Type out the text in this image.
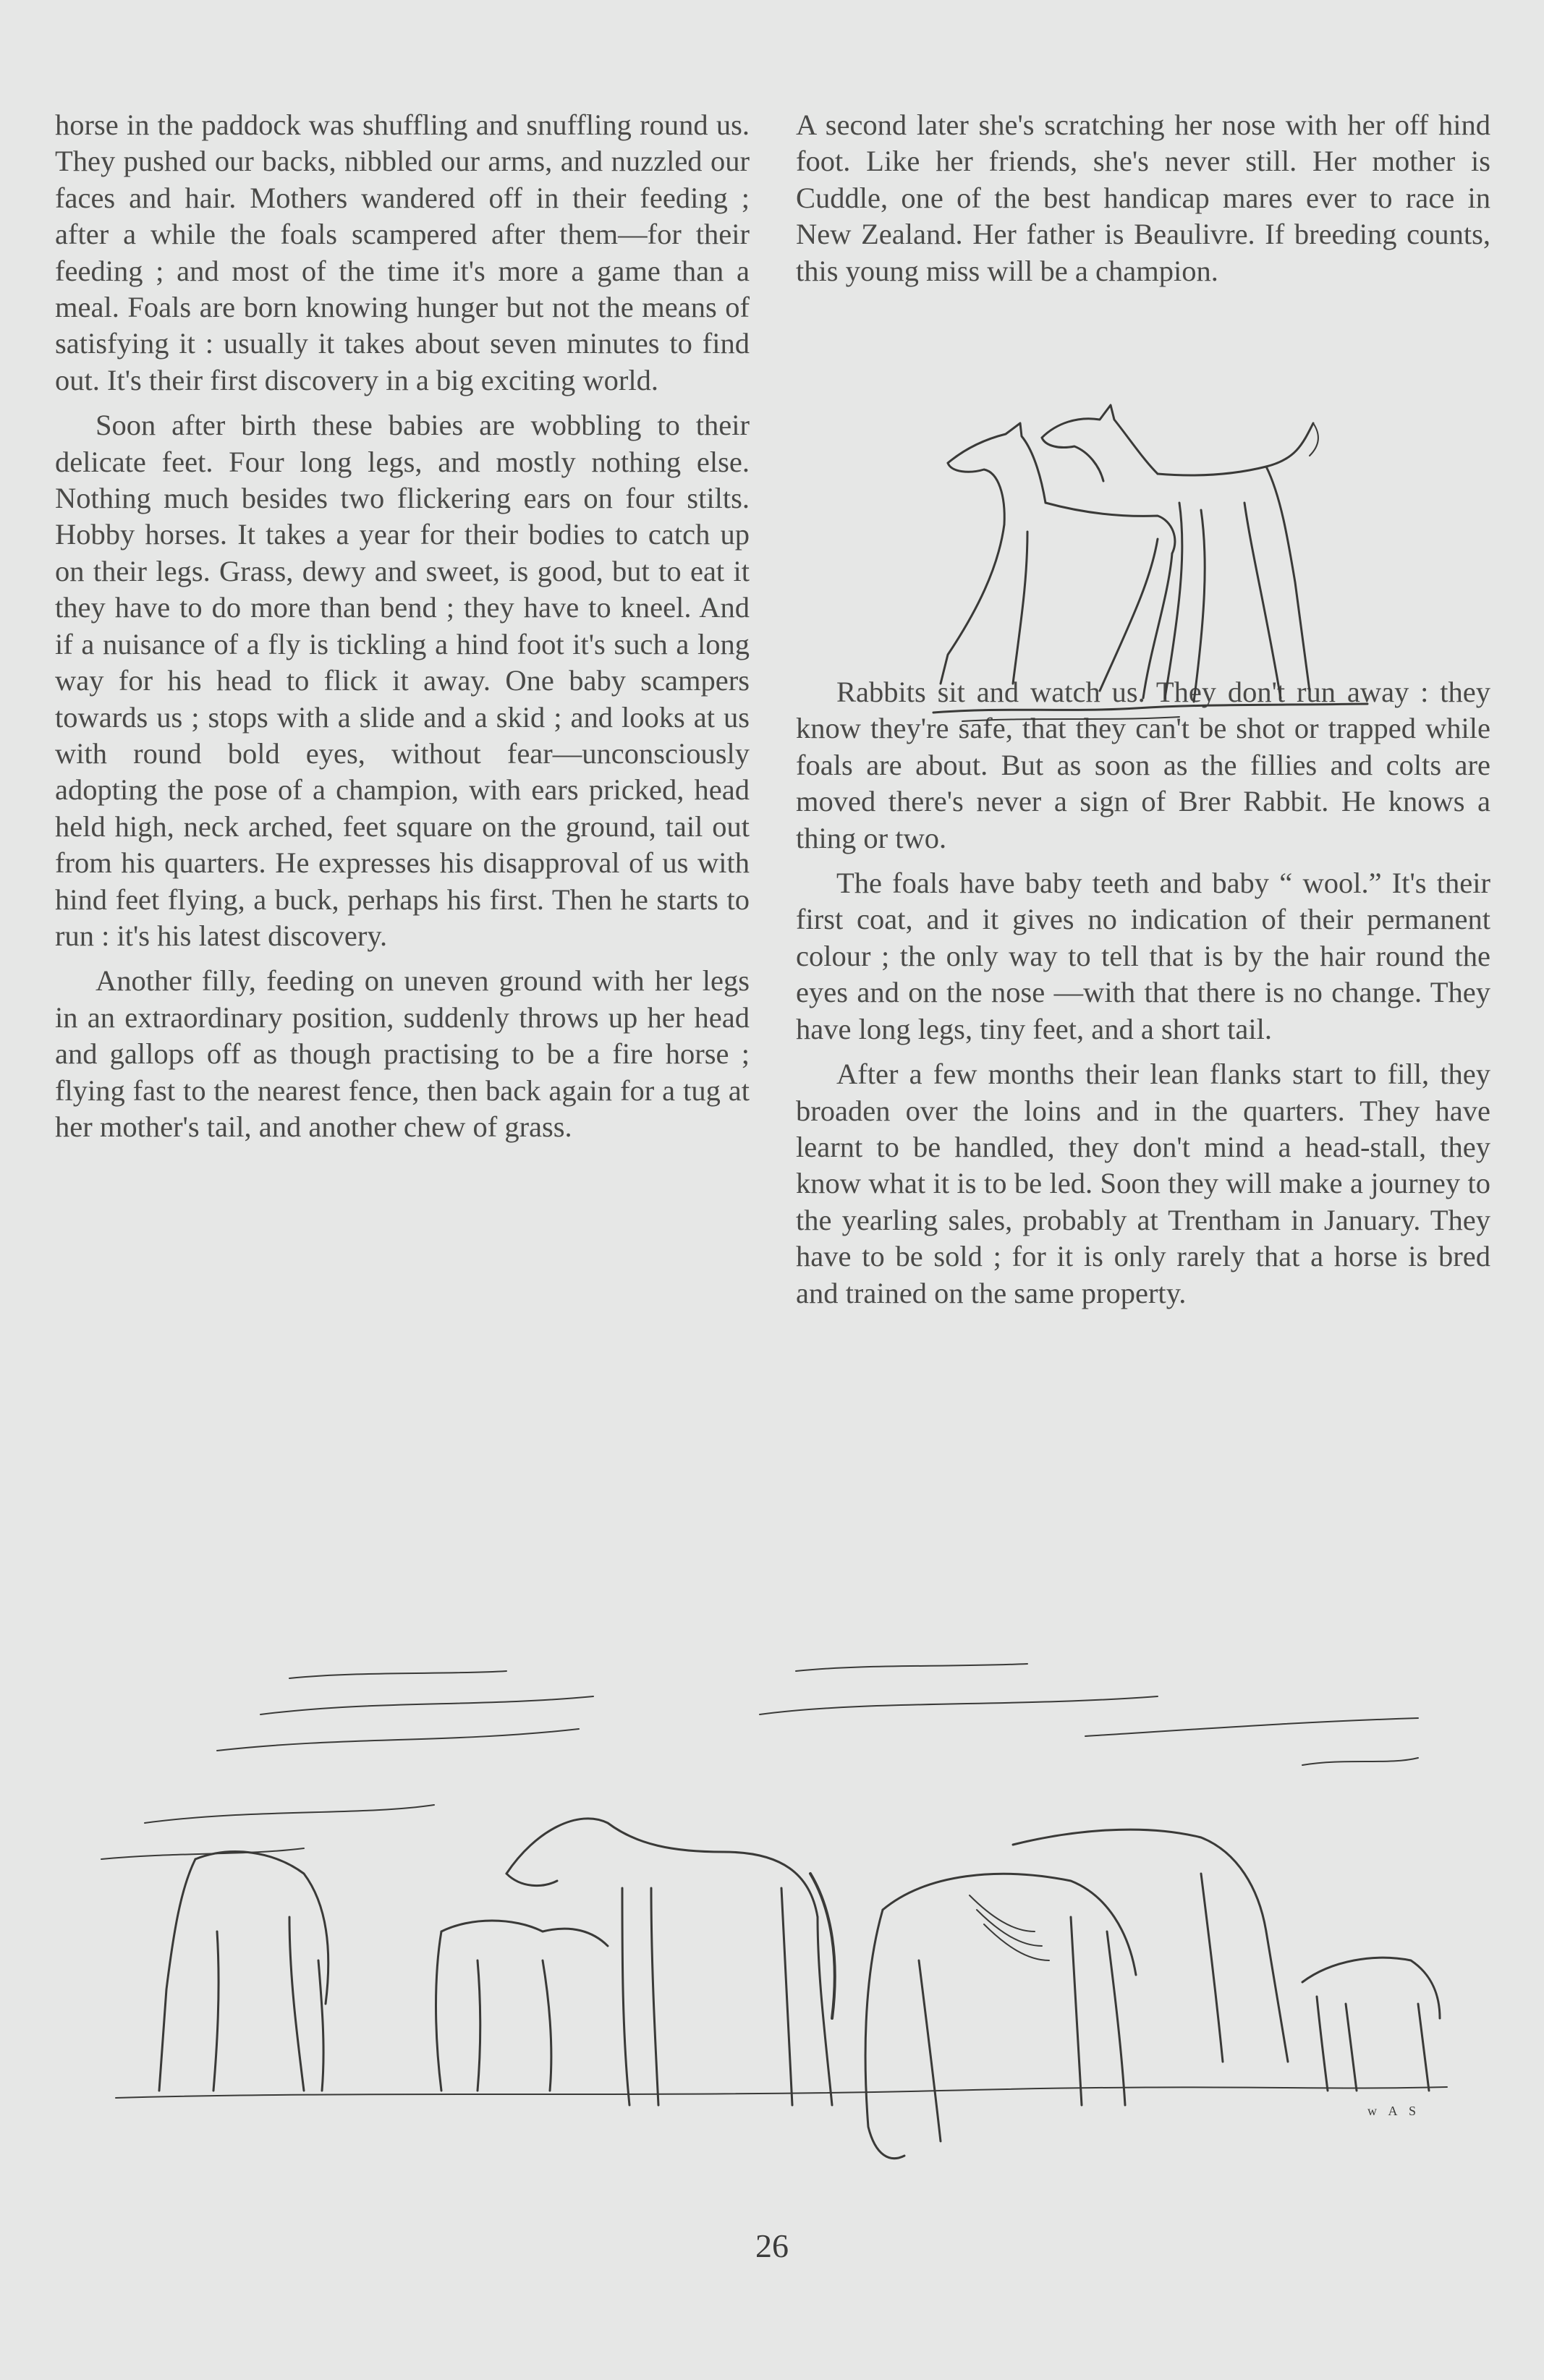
horse in the paddock was shuffling and snuffling round us. They pushed our backs, nibbled our arms, and nuzzled our faces and hair. Mothers wandered off in their feeding ; after a while the foals scampered after them—for their feeding ; and most of the time it's more a game than a meal. Foals are born knowing hunger but not the means of satisfying it : usually it takes about seven minutes to find out. It's their first discovery in a big exciting world.

Soon after birth these babies are wobbling to their delicate feet. Four long legs, and mostly nothing else. Nothing much besides two flickering ears on four stilts. Hobby horses. It takes a year for their bodies to catch up on their legs. Grass, dewy and sweet, is good, but to eat it they have to do more than bend ; they have to kneel. And if a nuisance of a fly is tickling a hind foot it's such a long way for his head to flick it away. One baby scampers towards us ; stops with a slide and a skid ; and looks at us with round bold eyes, without fear—unconsciously adopting the pose of a champion, with ears pricked, head held high, neck arched, feet square on the ground, tail out from his quarters. He expresses his disapproval of us with hind feet flying, a buck, perhaps his first. Then he starts to run : it's his latest discovery.

Another filly, feeding on uneven ground with her legs in an extraordinary position, suddenly throws up her head and gallops off as though practising to be a fire horse ; flying fast to the nearest fence, then back again for a tug at her mother's tail, and another chew of grass.

A second later she's scratching her nose with her off hind foot. Like her friends, she's never still. Her mother is Cuddle, one of the best handicap mares ever to race in New Zealand. Her father is Beaulivre. If breeding counts, this young miss will be a champion.

Rabbits sit and watch us. They don't run away : they know they're safe, that they can't be shot or trapped while foals are about. But as soon as the fillies and colts are moved there's never a sign of Brer Rabbit. He knows a thing or two.

The foals have baby teeth and baby “ wool.” It's their first coat, and it gives no indication of their permanent colour ; the only way to tell that is by the hair round the eyes and on the nose —with that there is no change. They have long legs, tiny feet, and a short tail.

After a few months their lean flanks start to fill, they broaden over the loins and in the quarters. They have learnt to be handled, they don't mind a head-stall, they know what it is to be led. Soon they will make a journey to the yearling sales, probably at Trentham in January. They have to be sold ; for it is only rarely that a horse is bred and trained on the same property.

w A S
26
